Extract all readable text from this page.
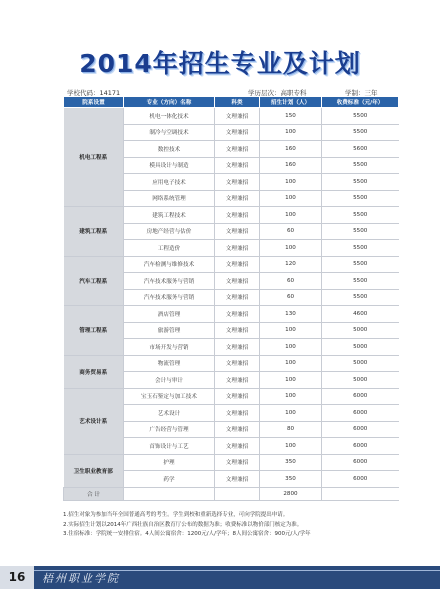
2014年招生专业及计划
学校代码：14171	学历层次：高职专科	学制：三年
院系设置	专业（方向）名称	科类	招生计划（人）	收费标准（元/年）
机电工程系	机电一体化技术	文理兼招	150	5500
	制冷与空调技术	文理兼招	100	5500
	数控技术	文理兼招	160	5600
	模具设计与制造	文理兼招	160	5500
	应用电子技术	文理兼招	100	5500
	网络系统管理	文理兼招	100	5500
建筑工程系	建筑工程技术	文理兼招	100	5500
	房地产经营与估价	文理兼招	60	5500
	工程造价	文理兼招	100	5500
汽车工程系	汽车检测与维修技术	文理兼招	120	5500
	汽车技术服务与营销	文理兼招	60	5500
	汽车技术服务与营销	文理兼招	60	5500
管理工程系	酒店管理	文理兼招	130	4600
	旅游管理	文理兼招	100	5000
	市场开发与营销	文理兼招	100	5000
商务贸易系	物流管理	文理兼招	100	5000
	会计与审计	文理兼招	100	5000
艺术设计系	宝玉石鉴定与加工技术	文理兼招	100	6000
	艺术设计	文理兼招	100	6000
	广告经营与管理	文理兼招	80	6000
	首饰设计与工艺	文理兼招	100	6000
卫生职业教育部	护理	文理兼招	350	6000
	药学	文理兼招	350	6000
合 计			2800	
1.招生对象为参加当年全国普通高考的考生。学生到校和重新选择专业，可向学院提出申请。
2.实际招生计划以2014年广西壮族自治区教育厅公布的数据为准；收费标准以物价部门核定为准。
3.住宿标准：学院统一安排住宿。4人间公寓宿舍：1200元/人/学年；8人间公寓宿舍：900元/人/学年
16	梧州职业学院
